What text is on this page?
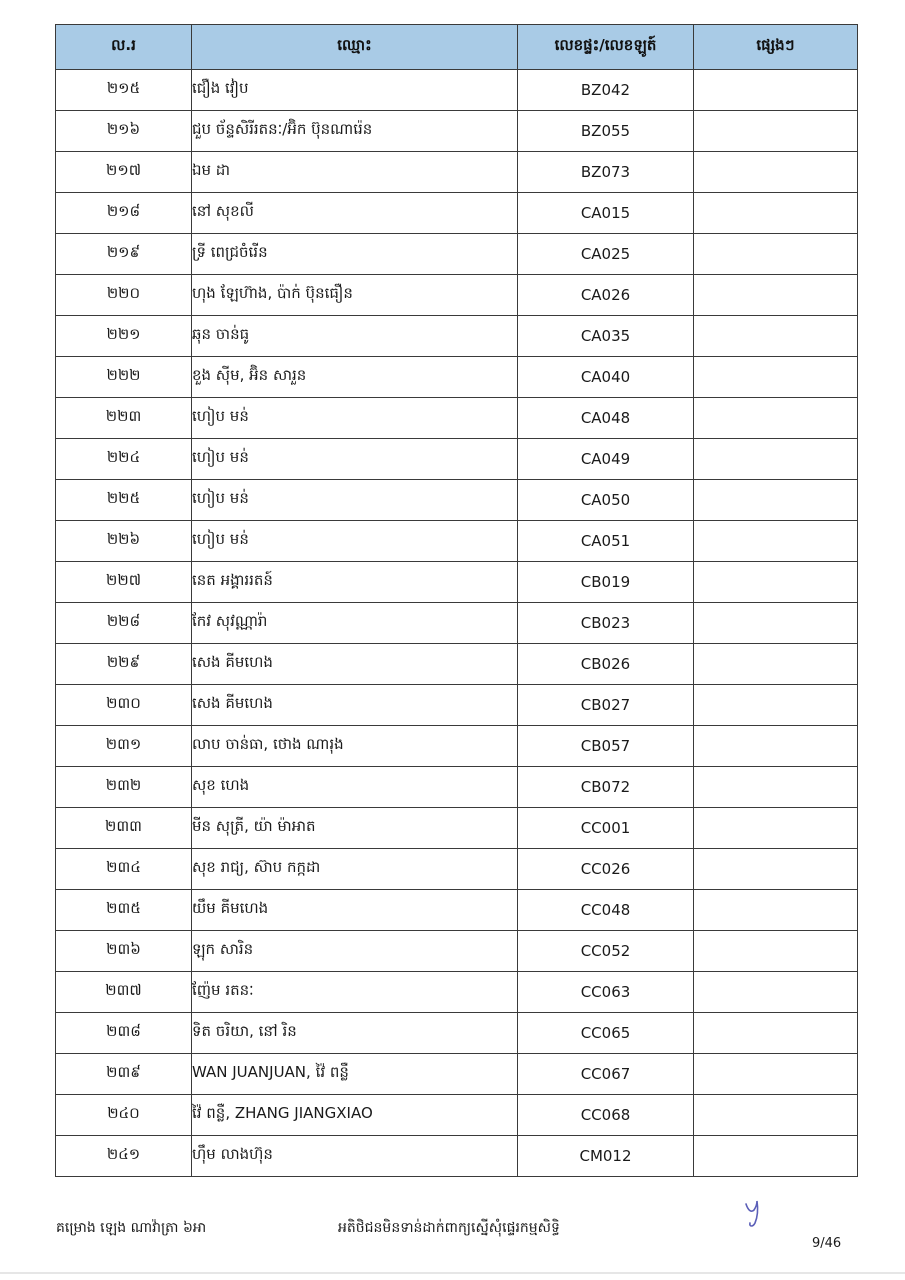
ល.រ	ឈ្មោះ	លេខផ្ទះ/លេខឡូត៍	ផ្សេងៗ
២១៥	ជឿង វៀប	BZ042	
២១៦	ជួប ច័ន្ទសិរីរតនៈ/អ៊ិក ប៊ុនណារ៉េន	BZ055	
២១៧	ឯម ដា	BZ073	
២១៨	នៅ សុខលី	CA015	
២១៩	ទ្រី ពេជ្រចំរើន	CA025	
២២០	ហុង ឡែហ៊ាង, ប៉ាក់ ប៊ុនធឿន	CA026	
២២១	ឆុន ចាន់ធូ	CA035	
២២២	ខួង ស៊ីម, អ៊ិន សារួន	CA040	
២២៣	ហៀប មន់	CA048	
២២៤	ហៀប មន់	CA049	
២២៥	ហៀប មន់	CA050	
២២៦	ហៀប មន់	CA051	
២២៧	នេត អង្គាររតន៍	CB019	
២២៨	កែវ សុវណ្ណារ៉ា	CB023	
២២៩	សេង គីមហេង	CB026	
២៣០	សេង គីមហេង	CB027	
២៣១	លាប ចាន់ធា, ថោង ណារុង	CB057	
២៣២	សុខ ហេង	CB072	
២៣៣	មីន សុត្រី, យ៉ា ម៉ាអាត	CC001	
២៣៤	សុខ រាជ្យ, ស៊ាប កក្កដា	CC026	
២៣៥	យឹម គីមហេង	CC048	
២៣៦	ឡុក សារិន	CC052	
២៣៧	ញ៉ែម រតនៈ	CC063	
២៣៨	ទិត ចរិយា, នៅ រិន	CC065	
២៣៩	WAN JUANJUAN, វ៉ៃ ពន្លឺ	CC067	
២៤០	វ៉ៃ ពន្លឺ, ZHANG JIANGXIAO	CC068	
២៤១	ហ៊ឹម លាងហ៊ុន	CM012	
គម្រោង ឡេង ណាវ៉ាត្រា ៦អា	អតិថិជនមិនទាន់ដាក់ពាក្យស្នើសុំផ្ទេរកម្មសិទ្ធិ
9/46
